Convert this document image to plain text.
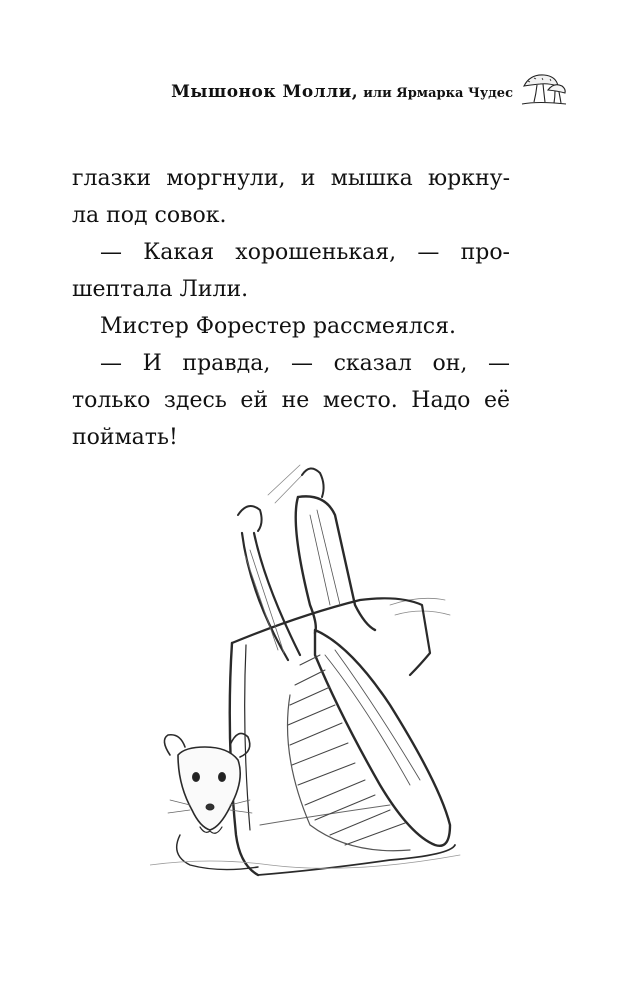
Мышонок Молли, или Ярмарка Чудес
глазки моргнули, и мышка юркну-
ла под совок.
— Какая хорошенькая, — про-
шептала Лили.
Мистер Форестер рассмеялся.
— И правда, — сказал он, —
только здесь ей не место. Надо её
поймать!
